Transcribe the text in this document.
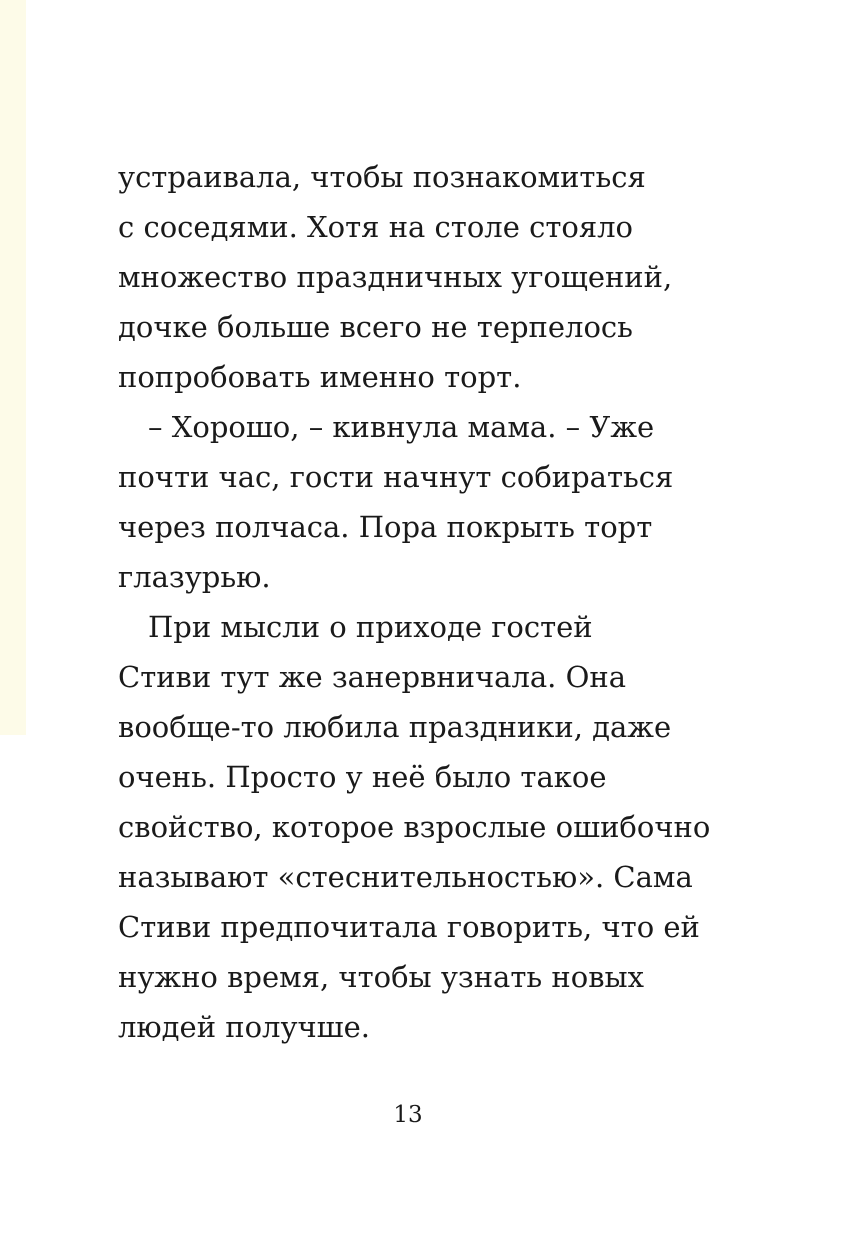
устраивала, чтобы познакомиться
с соседями. Хотя на столе стояло
множество праздничных угощений,
дочке больше всего не терпелось
попробовать именно торт.
– Хорошо, – кивнула мама. – Уже
почти час, гости начнут собираться
через полчаса. Пора покрыть торт
глазурью.
При мысли о приходе гостей
Стиви тут же занервничала. Она
вообще-то любила праздники, даже
очень. Просто у неё было такое
свойство, которое взрослые ошибочно
называют «стеснительностью». Сама
Стиви предпочитала говорить, что ей
нужно время, чтобы узнать новых
людей получше.
13
